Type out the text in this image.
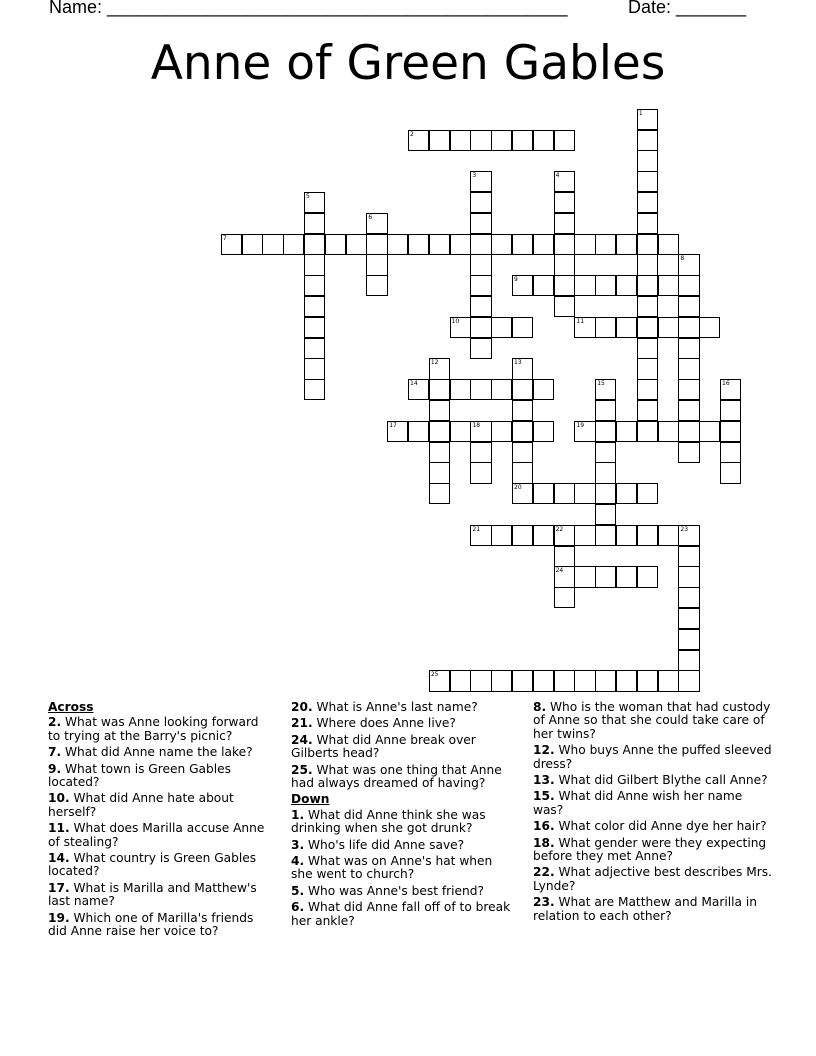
Name: ______________________________________________	Date: _______
Anne of Green Gables
2
7
9
10	11
14
17	18	19
20
21	22	23
24
25
1
3	4
5
6
8
12	13
15	16
Across
2. What was Anne looking forward to trying at the Barry's picnic?
7. What did Anne name the lake?
9. What town is Green Gables located?
10. What did Anne hate about herself?
11. What does Marilla accuse Anne of stealing?
14. What country is Green Gables located?
17. What is Marilla and Matthew's last name?
19. Which one of Marilla's friends did Anne raise her voice to?
20. What is Anne's last name?
21. Where does Anne live?
24. What did Anne break over Gilberts head?
25. What was one thing that Anne had always dreamed of having?
Down
1. What did Anne think she was drinking when she got drunk?
3. Who's life did Anne save?
4. What was on Anne's hat when she went to church?
5. Who was Anne's best friend?
6. What did Anne fall off of to break her ankle?
8. Who is the woman that had custody of Anne so that she could take care of her twins?
12. Who buys Anne the puffed sleeved dress?
13. What did Gilbert Blythe call Anne?
15. What did Anne wish her name was?
16. What color did Anne dye her hair?
18. What gender were they expecting before they met Anne?
22. What adjective best describes Mrs. Lynde?
23. What are Matthew and Marilla in relation to each other?
